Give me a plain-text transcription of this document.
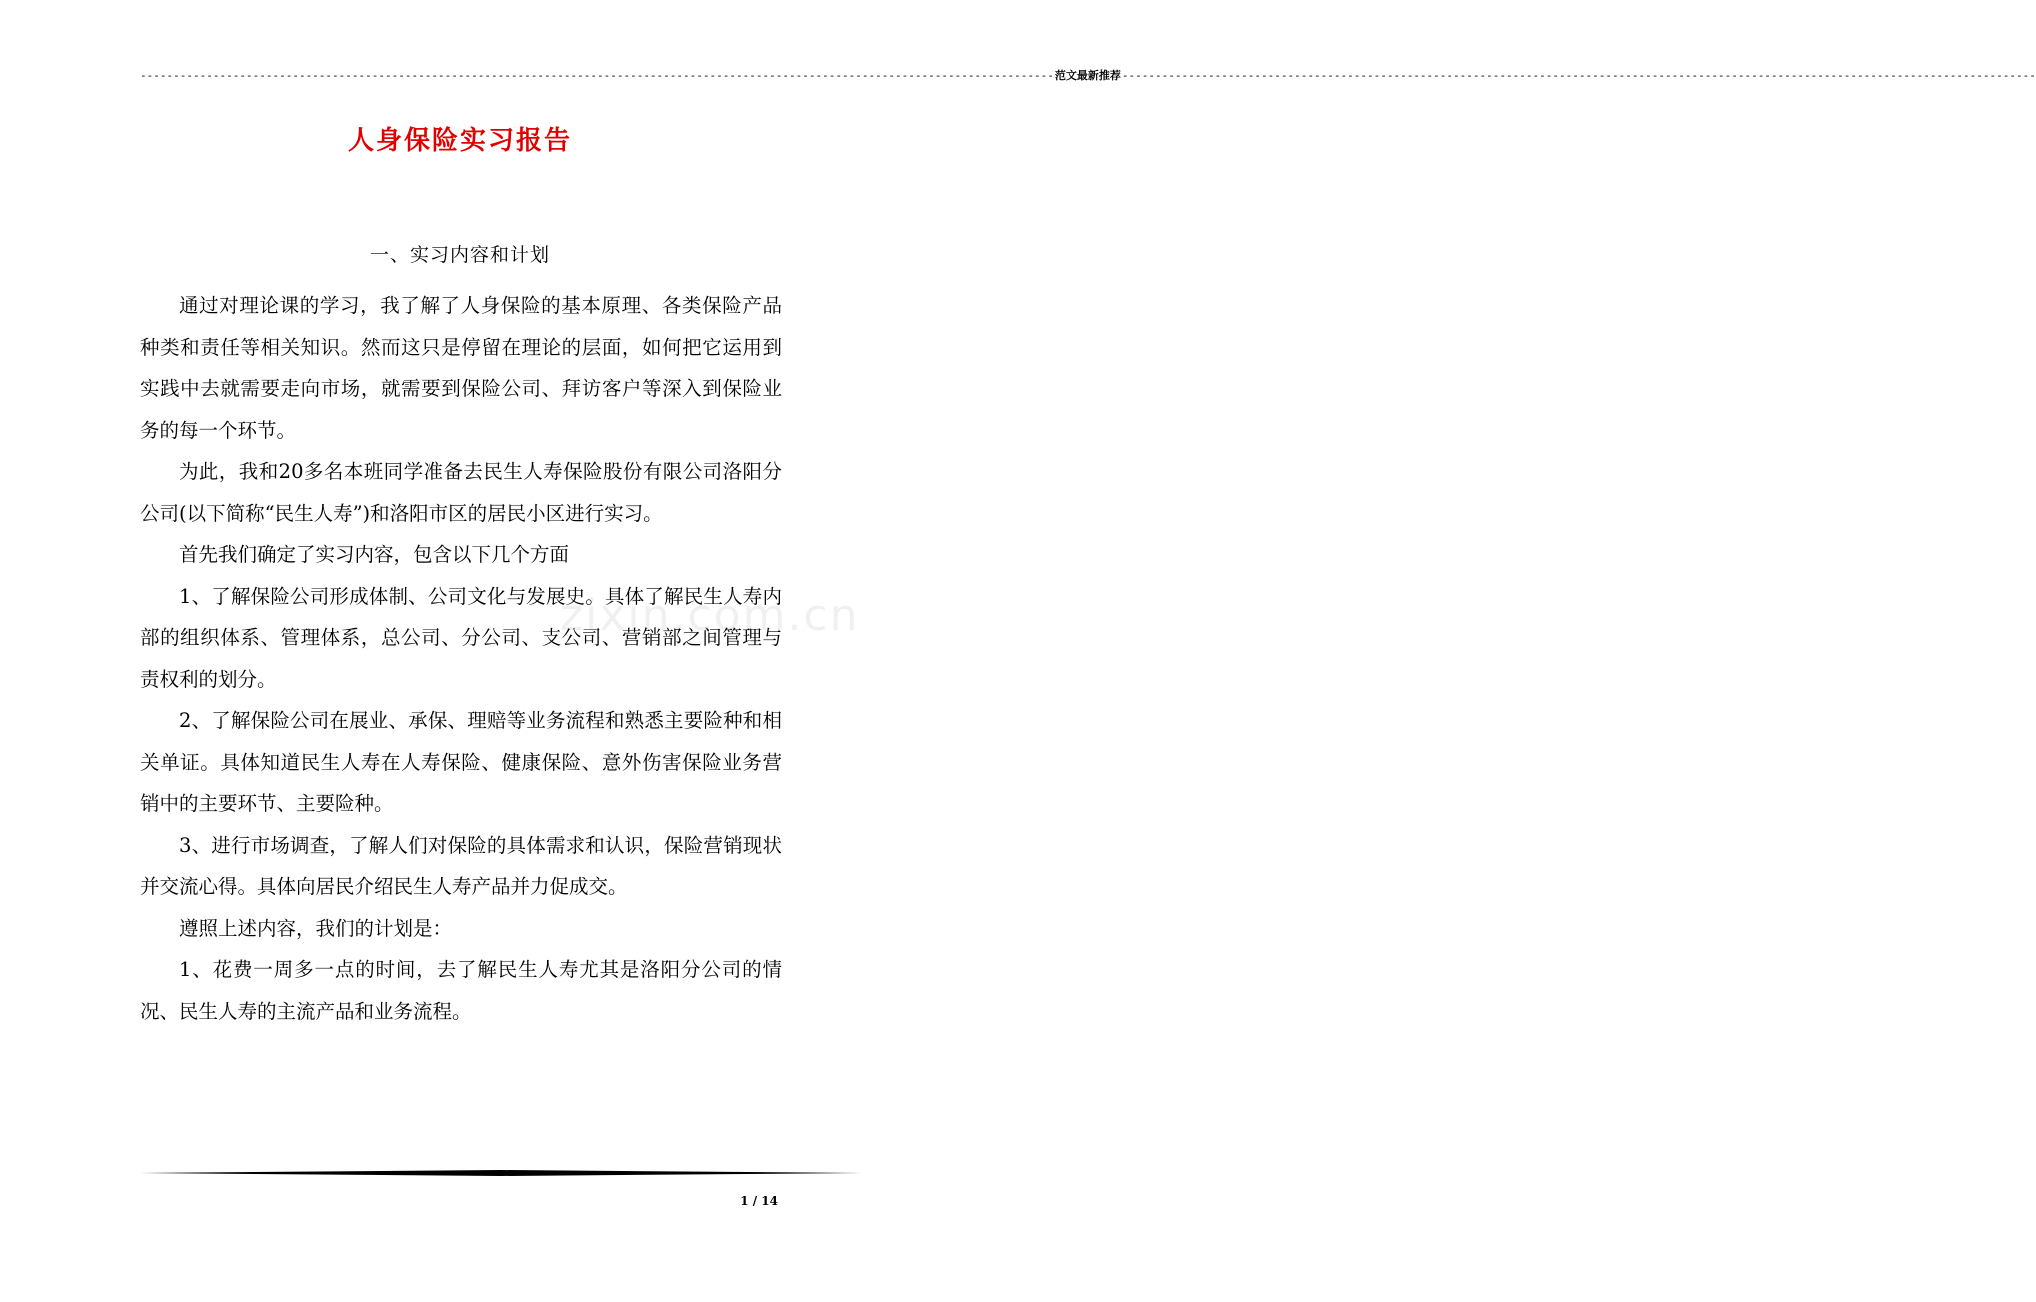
------------------------------------------------------------------------------------------------------------------------------------------ 范文最新推荐 ------------------------------------------------------------------------------------------------------------------------------------------
人身保险实习报告
一、实习内容和计划
zixin.com.cn

通过对理论课的学习，我了解了人身保险的基本原理、各类保险产品种类和责任等相关知识。然而这只是停留在理论的层面，如何把它运用到实践中去就需要走向市场，就需要到保险公司、拜访客户等深入到保险业务的每一个环节。

为此，我和20多名本班同学准备去民生人寿保险股份有限公司洛阳分公司(以下简称“民生人寿”)和洛阳市区的居民小区进行实习。

首先我们确定了实习内容，包含以下几个方面

1、了解保险公司形成体制、公司文化与发展史。具体了解民生人寿内部的组织体系、管理体系，总公司、分公司、支公司、营销部之间管理与责权利的划分。

2、了解保险公司在展业、承保、理赔等业务流程和熟悉主要险种和相关单证。具体知道民生人寿在人寿保险、健康保险、意外伤害保险业务营销中的主要环节、主要险种。

3、进行市场调查，了解人们对保险的具体需求和认识，保险营销现状并交流心得。具体向居民介绍民生人寿产品并力促成交。

遵照上述内容，我们的计划是：

1、花费一周多一点的时间，去了解民生人寿尤其是洛阳分公司的情况、民生人寿的主流产品和业务流程。

1 / 14
